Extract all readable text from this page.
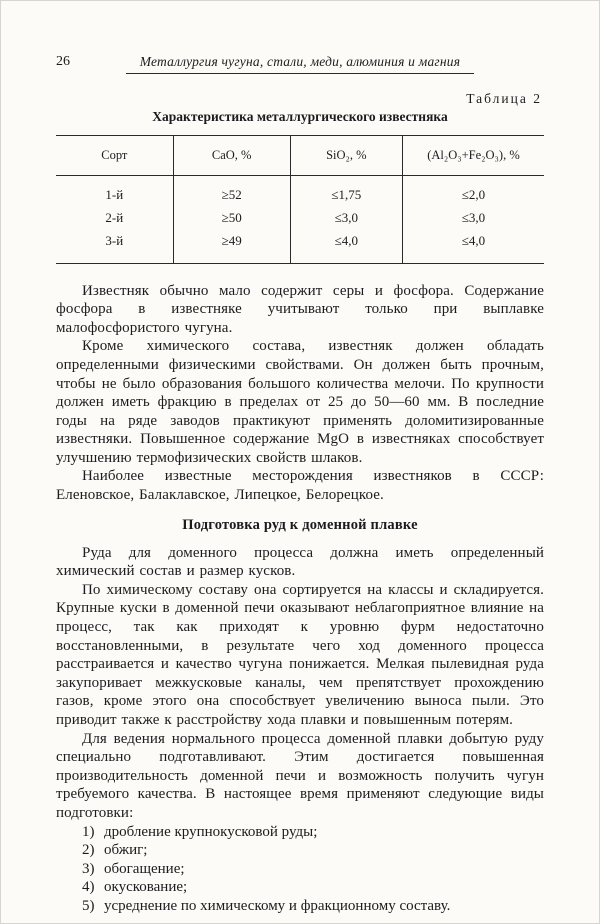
26	Металлургия чугуна, стали, меди, алюминия и магния
Таблица 2
Характеристика металлургического известняка
Сорт	CaO, %	SiO₂, %	(Al₂O₃+Fe₂O₃), %
1-й	≥52	≤1,75	≤2,0
2-й	≥50	≤3,0	≤3,0
3-й	≥49	≤4,0	≤4,0

Известняк обычно мало содержит серы и фосфора. Содержание фосфора в известняке учитывают только при выплавке малофосфористого чугуна.

Кроме химического состава, известняк должен обладать определенными физическими свойствами. Он должен быть прочным, чтобы не было образования большого количества мелочи. По крупности должен иметь фракцию в пределах от 25 до 50—60 мм. В последние годы на ряде заводов практикуют применять доломитизированные известняки. Повышенное содержание MgO в известняках способствует улучшению термофизических свойств шлаков.

Наиболее известные месторождения известняков в СССР: Еленовское, Балаклавское, Липецкое, Белорецкое.

Подготовка руд к доменной плавке

Руда для доменного процесса должна иметь определенный химический состав и размер кусков.

По химическому составу она сортируется на классы и складируется. Крупные куски в доменной печи оказывают неблагоприятное влияние на процесс, так как приходят к уровню фурм недостаточно восстановленными, в результате чего ход доменного процесса расстраивается и качество чугуна понижается. Мелкая пылевидная руда закупоривает межкусковые каналы, чем препятствует прохождению газов, кроме этого она способствует увеличению выноса пыли. Это приводит также к расстройству хода плавки и повышенным потерям.

Для ведения нормального процесса доменной плавки добытую руду специально подготавливают. Этим достигается повышенная производительность доменной печи и возможность получить чугун требуемого качества. В настоящее время применяют следующие виды подготовки:

1) дробление крупнокусковой руды;
2) обжиг;
3) обогащение;
4) окускование;
5) усреднение по химическому и фракционному составу.
